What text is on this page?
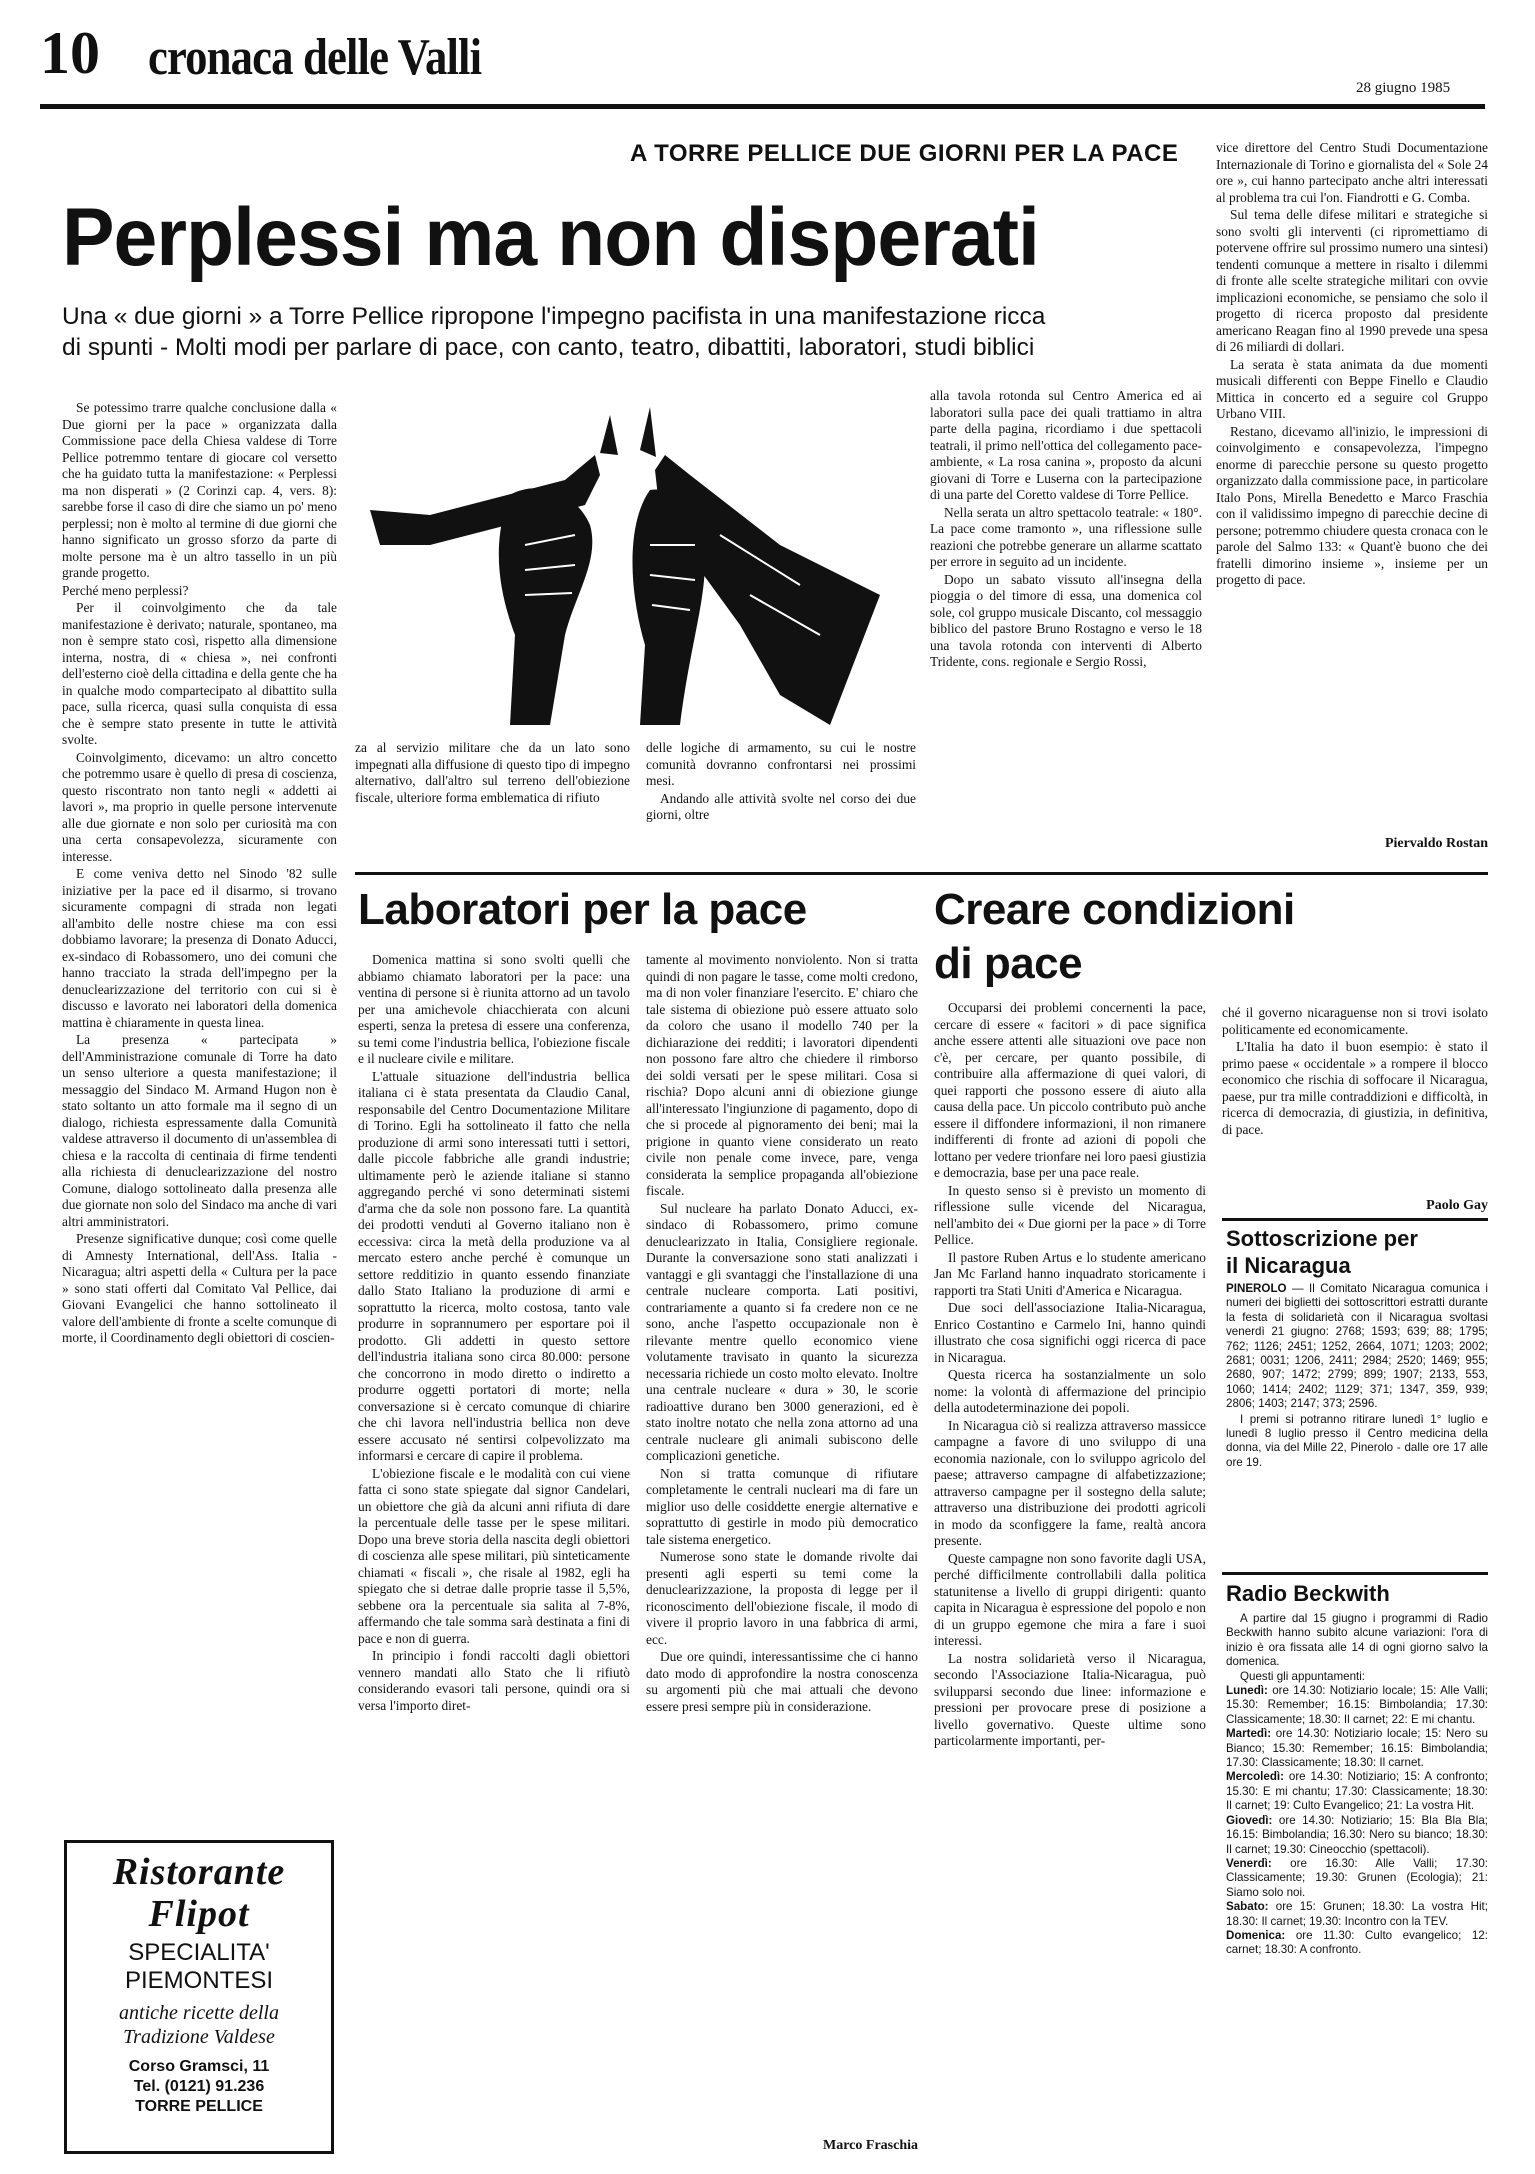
10 cronaca delle Valli
28 giugno 1985
A TORRE PELLICE DUE GIORNI PER LA PACE
Perplessi ma non disperati
Una « due giorni » a Torre Pellice ripropone l'impegno pacifista in una manifestazione ricca
di spunti - Molti modi per parlare di pace, con canto, teatro, dibattiti, laboratori, studi biblici

Se potessimo trarre qualche conclusione dalla « Due giorni per la pace » organizzata dalla Commissione pace della Chiesa valdese di Torre Pellice potremmo tentare di giocare col versetto che ha guidato tutta la manifestazione: « Perplessi ma non disperati » (2 Corinzi cap. 4, vers. 8): sarebbe forse il caso di dire che siamo un po' meno perplessi; non è molto al termine di due giorni che hanno significato un grosso sforzo da parte di molte persone ma è un altro tassello in un più grande progetto.

Perché meno perplessi?

Per il coinvolgimento che da tale manifestazione è derivato; naturale, spontaneo, ma non è sempre stato così, rispetto alla dimensione interna, nostra, di « chiesa », nei confronti dell'esterno cioè della cittadina e della gente che ha in qualche modo compartecipato al dibattito sulla pace, sulla ricerca, quasi sulla conquista di essa che è sempre stato presente in tutte le attività svolte.

Coinvolgimento, dicevamo: un altro concetto che potremmo usare è quello di presa di coscienza, questo riscontrato non tanto negli « addetti ai lavori », ma proprio in quelle persone intervenute alle due giornate e non solo per curiosità ma con una certa consapevolezza, sicuramente con interesse.

E come veniva detto nel Sinodo '82 sulle iniziative per la pace ed il disarmo, si trovano sicuramente compagni di strada non legati all'ambito delle nostre chiese ma con essi dobbiamo lavorare; la presenza di Donato Aducci, ex-sindaco di Robassomero, uno dei comuni che hanno tracciato la strada dell'impegno per la denuclearizzazione del territorio con cui si è discusso e lavorato nei laboratori della domenica mattina è chiaramente in questa linea.

La presenza « partecipata » dell'Amministrazione comunale di Torre ha dato un senso ulteriore a questa manifestazione; il messaggio del Sindaco M. Armand Hugon non è stato soltanto un atto formale ma il segno di un dialogo, richiesta espressamente dalla Comunità valdese attraverso il documento di un'assemblea di chiesa e la raccolta di centinaia di firme tendenti alla richiesta di denuclearizzazione del nostro Comune, dialogo sottolineato dalla presenza alle due giornate non solo del Sindaco ma anche di vari altri amministratori.

Presenze significative dunque; così come quelle di Amnesty International, dell'Ass. Italia - Nicaragua; altri aspetti della « Cultura per la pace » sono stati offerti dal Comitato Val Pellice, dai Giovani Evangelici che hanno sottolineato il valore dell'ambiente di fronte a scelte comunque di morte, il Coordinamento degli obiettori di coscien-

za al servizio militare che da un lato sono impegnati alla diffusione di questo tipo di impegno alternativo, dall'altro sul terreno dell'obiezione fiscale, ulteriore forma emblematica di rifiuto

delle logiche di armamento, su cui le nostre comunità dovranno confrontarsi nei prossimi mesi.

Andando alle attività svolte nel corso dei due giorni, oltre

alla tavola rotonda sul Centro America ed ai laboratori sulla pace dei quali trattiamo in altra parte della pagina, ricordiamo i due spettacoli teatrali, il primo nell'ottica del collegamento pace-ambiente, « La rosa canina », proposto da alcuni giovani di Torre e Luserna con la partecipazione di una parte del Coretto valdese di Torre Pellice.

Nella serata un altro spettacolo teatrale: « 180°. La pace come tramonto », una riflessione sulle reazioni che potrebbe generare un allarme scattato per errore in seguito ad un incidente.

Dopo un sabato vissuto all'insegna della pioggia o del timore di essa, una domenica col sole, col gruppo musicale Discanto, col messaggio biblico del pastore Bruno Rostagno e verso le 18 una tavola rotonda con interventi di Alberto Tridente, cons. regionale e Sergio Rossi,

vice direttore del Centro Studi Documentazione Internazionale di Torino e giornalista del « Sole 24 ore », cui hanno partecipato anche altri interessati al problema tra cui l'on. Fiandrotti e G. Comba.

Sul tema delle difese militari e strategiche si sono svolti gli interventi (ci ripromettiamo di potervene offrire sul prossimo numero una sintesi) tendenti comunque a mettere in risalto i dilemmi di fronte alle scelte strategiche militari con ovvie implicazioni economiche, se pensiamo che solo il progetto di ricerca proposto dal presidente americano Reagan fino al 1990 prevede una spesa di 26 miliardi di dollari.

La serata è stata animata da due momenti musicali differenti con Beppe Finello e Claudio Mittica in concerto ed a seguire col Gruppo Urbano VIII.

Restano, dicevamo all'inizio, le impressioni di coinvolgimento e consapevolezza, l'impegno enorme di parecchie persone su questo progetto organizzato dalla commissione pace, in particolare Italo Pons, Mirella Benedetto e Marco Fraschia con il validissimo impegno di parecchie decine di persone; potremmo chiudere questa cronaca con le parole del Salmo 133: « Quant'è buono che dei fratelli dimorino insieme », insieme per un progetto di pace.

Piervaldo Rostan
Laboratori per la pace

Domenica mattina si sono svolti quelli che abbiamo chiamato laboratori per la pace: una ventina di persone si è riunita attorno ad un tavolo per una amichevole chiacchierata con alcuni esperti, senza la pretesa di essere una conferenza, su temi come l'industria bellica, l'obiezione fiscale e il nucleare civile e militare.

L'attuale situazione dell'industria bellica italiana ci è stata presentata da Claudio Canal, responsabile del Centro Documentazione Militare di Torino. Egli ha sottolineato il fatto che nella produzione di armi sono interessati tutti i settori, dalle piccole fabbriche alle grandi industrie; ultimamente però le aziende italiane si stanno aggregando perché vi sono determinati sistemi d'arma che da sole non possono fare. La quantità dei prodotti venduti al Governo italiano non è eccessiva: circa la metà della produzione va al mercato estero anche perché è comunque un settore redditizio in quanto essendo finanziate dallo Stato Italiano la produzione di armi e soprattutto la ricerca, molto costosa, tanto vale produrre in soprannumero per esportare poi il prodotto. Gli addetti in questo settore dell'industria italiana sono circa 80.000: persone che concorrono in modo diretto o indiretto a produrre oggetti portatori di morte; nella conversazione si è cercato comunque di chiarire che chi lavora nell'industria bellica non deve essere accusato né sentirsi colpevolizzato ma informarsi e cercare di capire il problema.

L'obiezione fiscale e le modalità con cui viene fatta ci sono state spiegate dal signor Candelari, un obiettore che già da alcuni anni rifiuta di dare la percentuale delle tasse per le spese militari. Dopo una breve storia della nascita degli obiettori di coscienza alle spese militari, più sinteticamente chiamati « fiscali », che risale al 1982, egli ha spiegato che si detrae dalle proprie tasse il 5,5%, sebbene ora la percentuale sia salita al 7-8%, affermando che tale somma sarà destinata a fini di pace e non di guerra.

In principio i fondi raccolti dagli obiettori vennero mandati allo Stato che li rifiutò considerando evasori tali persone, quindi ora si versa l'importo diret-

tamente al movimento nonviolento. Non si tratta quindi di non pagare le tasse, come molti credono, ma di non voler finanziare l'esercito. E' chiaro che tale sistema di obiezione può essere attuato solo da coloro che usano il modello 740 per la dichiarazione dei redditi; i lavoratori dipendenti non possono fare altro che chiedere il rimborso dei soldi versati per le spese militari. Cosa si rischia? Dopo alcuni anni di obiezione giunge all'interessato l'ingiunzione di pagamento, dopo di che si procede al pignoramento dei beni; mai la prigione in quanto viene considerato un reato civile non penale come invece, pare, venga considerata la semplice propaganda all'obiezione fiscale.

Sul nucleare ha parlato Donato Aducci, ex-sindaco di Robassomero, primo comune denuclearizzato in Italia, Consigliere regionale. Durante la conversazione sono stati analizzati i vantaggi e gli svantaggi che l'installazione di una centrale nucleare comporta. Lati positivi, contrariamente a quanto si fa credere non ce ne sono, anche l'aspetto occupazionale non è rilevante mentre quello economico viene volutamente travisato in quanto la sicurezza necessaria richiede un costo molto elevato. Inoltre una centrale nucleare « dura » 30, le scorie radioattive durano ben 3000 generazioni, ed è stato inoltre notato che nella zona attorno ad una centrale nucleare gli animali subiscono delle complicazioni genetiche.

Non si tratta comunque di rifiutare completamente le centrali nucleari ma di fare un miglior uso delle cosiddette energie alternative e soprattutto di gestirle in modo più democratico tale sistema energetico.

Numerose sono state le domande rivolte dai presenti agli esperti su temi come la denuclearizzazione, la proposta di legge per il riconoscimento dell'obiezione fiscale, il modo di vivere il proprio lavoro in una fabbrica di armi, ecc.

Due ore quindi, interessantissime che ci hanno dato modo di approfondire la nostra conoscenza su argomenti più che mai attuali che devono essere presi sempre più in considerazione.

Marco Fraschia
Creare condizioni
di pace

Occuparsi dei problemi concernenti la pace, cercare di essere « facitori » di pace significa anche essere attenti alle situazioni ove pace non c'è, per cercare, per quanto possibile, di contribuire alla affermazione di quei valori, di quei rapporti che possono essere di aiuto alla causa della pace. Un piccolo contributo può anche essere il diffondere informazioni, il non rimanere indifferenti di fronte ad azioni di popoli che lottano per vedere trionfare nei loro paesi giustizia e democrazia, base per una pace reale.

In questo senso si è previsto un momento di riflessione sulle vicende del Nicaragua, nell'ambito dei « Due giorni per la pace » di Torre Pellice.

Il pastore Ruben Artus e lo studente americano Jan Mc Farland hanno inquadrato storicamente i rapporti tra Stati Uniti d'America e Nicaragua.

Due soci dell'associazione Italia-Nicaragua, Enrico Costantino e Carmelo Ini, hanno quindi illustrato che cosa significhi oggi ricerca di pace in Nicaragua.

Questa ricerca ha sostanzialmente un solo nome: la volontà di affermazione del principio della autodeterminazione dei popoli.

In Nicaragua ciò si realizza attraverso massicce campagne a favore di uno sviluppo di una economia nazionale, con lo sviluppo agricolo del paese; attraverso campagne di alfabetizzazione; attraverso campagne per il sostegno della salute; attraverso una distribuzione dei prodotti agricoli in modo da sconfiggere la fame, realtà ancora presente.

Queste campagne non sono favorite dagli USA, perché difficilmente controllabili dalla politica statunitense a livello di gruppi dirigenti: quanto capita in Nicaragua è espressione del popolo e non di un gruppo egemone che mira a fare i suoi interessi.

La nostra solidarietà verso il Nicaragua, secondo l'Associazione Italia-Nicaragua, può svilupparsi secondo due linee: informazione e pressioni per provocare prese di posizione a livello governativo. Queste ultime sono particolarmente importanti, per-

ché il governo nicaraguense non si trovi isolato politicamente ed economicamente.

L'Italia ha dato il buon esempio: è stato il primo paese « occidentale » a rompere il blocco economico che rischia di soffocare il Nicaragua, paese, pur tra mille contraddizioni e difficoltà, in ricerca di democrazia, di giustizia, in definitiva, di pace.

Paolo Gay
Sottoscrizione per
il Nicaragua

PINEROLO — Il Comitato Nicaragua comunica i numeri dei biglietti dei sottoscrittori estratti durante la festa di solidarietà con il Nicaragua svoltasi venerdì 21 giugno: 2768; 1593; 639; 88; 1795; 762; 1126; 2451; 1252, 2664, 1071; 1203; 2002; 2681; 0031; 1206, 2411; 2984; 2520; 1469; 955; 2680, 907; 1472; 2799; 899; 1907; 2133, 553, 1060; 1414; 2402; 1129; 371; 1347, 359, 939; 2806; 1403; 2147; 373; 2596.

I premi si potranno ritirare lunedì 1° luglio e lunedì 8 luglio presso il Centro medicina della donna, via del Mille 22, Pinerolo - dalle ore 17 alle ore 19.

Radio Beckwith

A partire dal 15 giugno i programmi di Radio Beckwith hanno subito alcune variazioni: l'ora di inizio è ora fissata alle 14 di ogni giorno salvo la domenica.

Questi gli appuntamenti:

Lunedì: ore 14.30: Notiziario locale; 15: Alle Valli; 15.30: Remember; 16.15: Bimbolandia; 17.30: Classicamente; 18.30: Il carnet; 22: E mi chantu.

Martedì: ore 14.30: Notiziario locale; 15: Nero su Bianco; 15.30: Remember; 16.15: Bimbolandia; 17.30: Classicamente; 18.30: Il carnet.

Mercoledì: ore 14.30: Notiziario; 15: A confronto; 15.30: E mi chantu; 17.30: Classicamente; 18.30: Il carnet; 19: Culto Evangelico; 21: La vostra Hit.

Giovedì: ore 14.30: Notiziario; 15: Bla Bla Bla; 16.15: Bimbolandia; 16.30: Nero su bianco; 18.30: Il carnet; 19.30: Cineocchio (spettacoli).

Venerdì: ore 16.30: Alle Valli; 17.30: Classicamente; 19.30: Grunen (Ecologia); 21: Siamo solo noi.

Sabato: ore 15: Grunen; 18.30: La vostra Hit; 18.30: Il carnet; 19.30: Incontro con la TEV.

Domenica: ore 11.30: Culto evangelico; 12: carnet; 18.30: A confronto.

Ristorante
Flipot
SPECIALITA'
PIEMONTESI
antiche ricette della
Tradizione Valdese
Corso Gramsci, 11
Tel. (0121) 91.236
TORRE PELLICE
